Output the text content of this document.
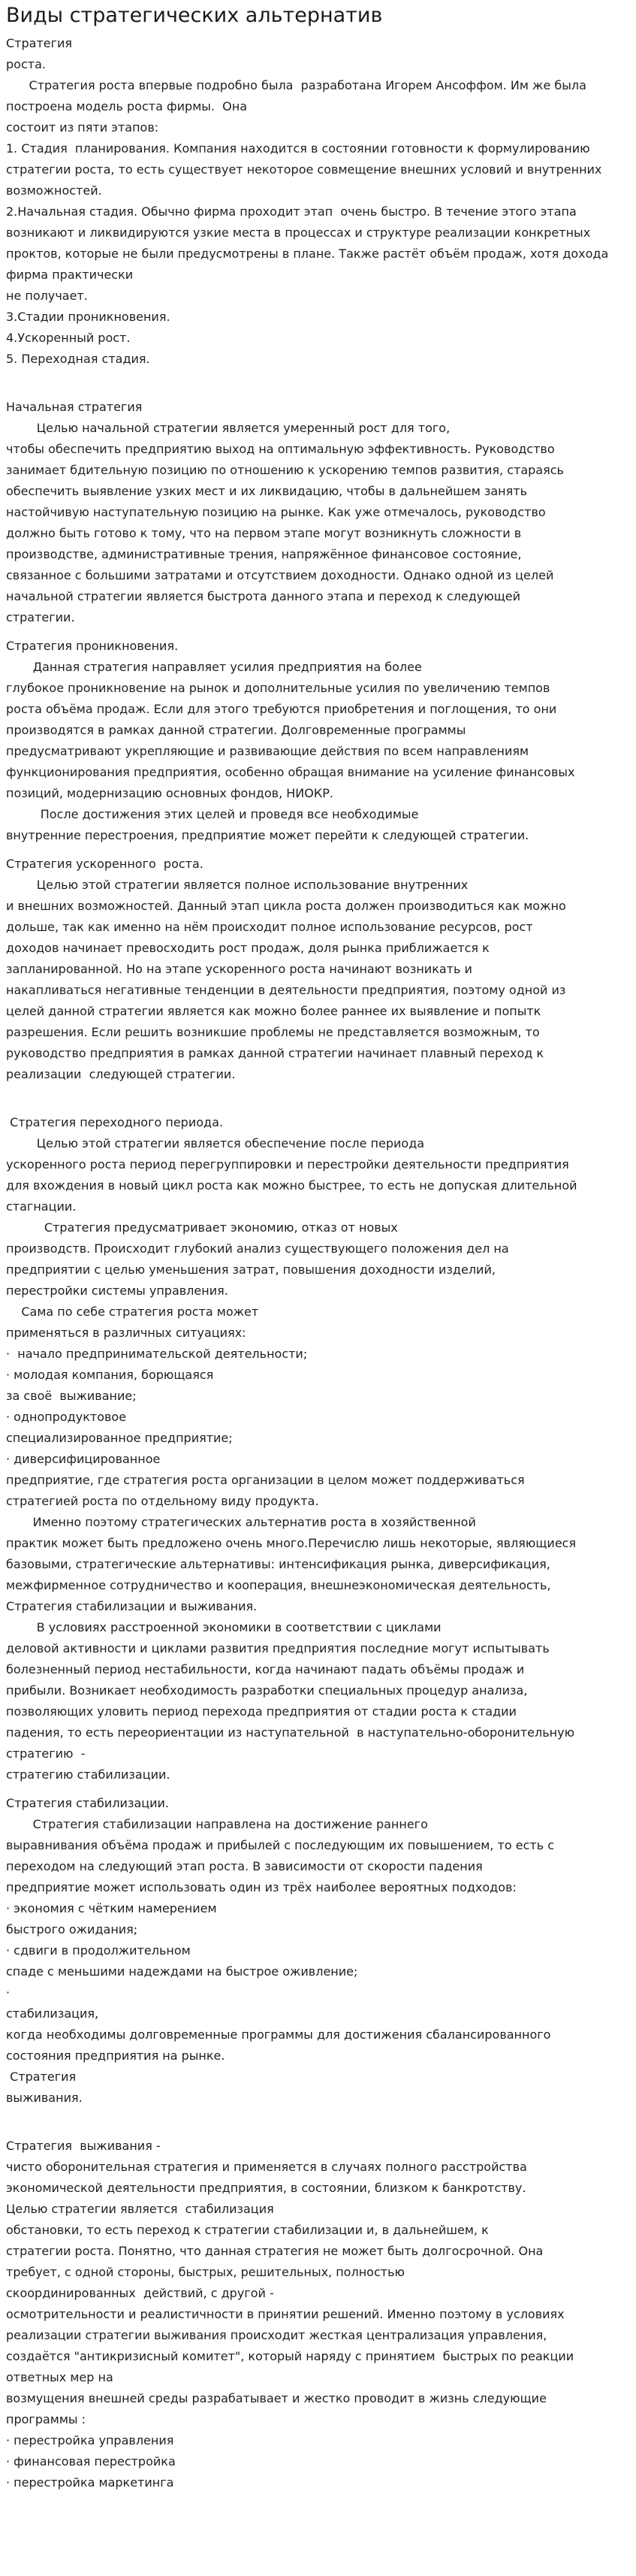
Виды стратегических альтернатив
Стратегия
роста.
Стратегия роста впервые подробно была  разработана Игорем Ансоффом. Им же была
построена модель роста фирмы.  Она
состоит из пяти этапов:
1. Стадия  планирования. Компания находится в состоянии готовности к формулированию
стратегии роста, то есть существует некоторое совмещение внешних условий и внутренних
возможностей.
2.Начальная стадия. Обычно фирма проходит этап  очень быстро. В течение этого этапа
возникают и ликвидируются узкие места в процессах и структуре реализации конкретных
проктов, которые не были предусмотрены в плане. Также растёт объём продаж, хотя дохода
фирма практически
не получает.
3.Стадии проникновения.
4.Ускоренный рост.
5. Переходная стадия.
Начальная стратегия
Целью начальной стратегии является умеренный рост для того,
чтобы обеспечить предприятию выход на оптимальную эффективность. Руководство
занимает бдительную позицию по отношению к ускорению темпов развития, стараясь
обеспечить выявление узких мест и их ликвидацию, чтобы в дальнейшем занять
настойчивую наступательную позицию на рынке. Как уже отмечалось, руководство
должно быть готово к тому, что на первом этапе могут возникнуть сложности в
производстве, административные трения, напряжённое финансовое состояние,
связанное с большими затратами и отсутствием доходности. Однако одной из целей
начальной стратегии является быстрота данного этапа и переход к следующей
стратегии.
Стратегия проникновения.
Данная стратегия направляет усилия предприятия на более
глубокое проникновение на рынок и дополнительные усилия по увеличению темпов
роста объёма продаж. Если для этого требуются приобретения и поглощения, то они
производятся в рамках данной стратегии. Долговременные программы
предусматривают укрепляющие и развивающие действия по всем направлениям
функционирования предприятия, особенно обращая внимание на усиление финансовых
позиций, модернизацию основных фондов, НИОКР.
После достижения этих целей и проведя все необходимые
внутренние перестроения, предприятие может перейти к следующей стратегии.
Стратегия ускоренного  роста.
Целью этой стратегии является полное использование внутренних
и внешних возможностей. Данный этап цикла роста должен производиться как можно
дольше, так как именно на нём происходит полное использование ресурсов, рост
доходов начинает превосходить рост продаж, доля рынка приближается к
запланированной. Но на этапе ускоренного роста начинают возникать и
накапливаться негативные тенденции в деятельности предприятия, поэтому одной из
целей данной стратегии является как можно более раннее их выявление и попытк
разрешения. Если решить возникшие проблемы не представляется возможным, то
руководство предприятия в рамках данной стратегии начинает плавный переход к
реализации  следующей стратегии.
Стратегия переходного периода.
Целью этой стратегии является обеспечение после периода
ускоренного роста период перегруппировки и перестройки деятельности предприятия
для вхождения в новый цикл роста как можно быстрее, то есть не допуская длительной
стагнации.
Стратегия предусматривает экономию, отказ от новых
производств. Происходит глубокий анализ существующего положения дел на
предприятии с целью уменьшения затрат, повышения доходности изделий,
перестройки системы управления.
Сама по себе стратегия роста может
применяться в различных ситуациях:
·  начало предпринимательской деятельности;
· молодая компания, борющаяся
за своё  выживание;
· однопродуктовое
специализированное предприятие;
· диверсифицированное
предприятие, где стратегия роста организации в целом может поддерживаться
стратегией роста по отдельному виду продукта.
Именно поэтому стратегических альтернатив роста в хозяйственной
практик может быть предложено очень много.Перечислю лишь некоторые, являющиеся
базовыми, стратегические альтернативы: интенсификация рынка, диверсификация,
межфирменное сотрудничество и кооперация, внешнеэкономическая деятельность,
Стратегия стабилизации и выживания.
В условиях расстроенной экономики в соответствии с циклами
деловой активности и циклами развития предприятия последние могут испытывать
болезненный период нестабильности, когда начинают падать объёмы продаж и
прибыли. Возникает необходимость разработки специальных процедур анализа,
позволяющих уловить период перехода предприятия от стадии роста к стадии
падения, то есть переориентации из наступательной  в наступательно-оборонительную
стратегию  -
стратегию стабилизации.
Стратегия стабилизации.
Стратегия стабилизации направлена на достижение раннего
выравнивания объёма продаж и прибылей с последующим их повышением, то есть с
переходом на следующий этап роста. В зависимости от скорости падения
предприятие может использовать один из трёх наиболее вероятных подходов:
· экономия с чётким намерением
быстрого ожидания;
· сдвиги в продолжительном
спаде с меньшими надеждами на быстрое оживление;
·
стабилизация,
когда необходимы долговременные программы для достижения сбалансированного
состояния предприятия на рынке.
Стратегия
выживания.
Стратегия  выживания -
чисто оборонительная стратегия и применяется в случаях полного расстройства
экономической деятельности предприятия, в состоянии, близком к банкротству.
Целью стратегии является  стабилизация
обстановки, то есть переход к стратегии стабилизации и, в дальнейшем, к
стратегии роста. Понятно, что данная стратегия не может быть долгосрочной. Она
требует, с одной стороны, быстрых, решительных, полностью
скоординированных  действий, с другой -
осмотрительности и реалистичности в принятии решений. Именно поэтому в условиях
реализации стратегии выживания происходит жесткая централизация управления,
создаётся "антикризисный комитет", который наряду с принятием  быстрых по реакции
ответных мер на
возмущения внешней среды разрабатывает и жестко проводит в жизнь следующие
программы :
· перестройка управления
· финансовая перестройка
· перестройка маркетинга
